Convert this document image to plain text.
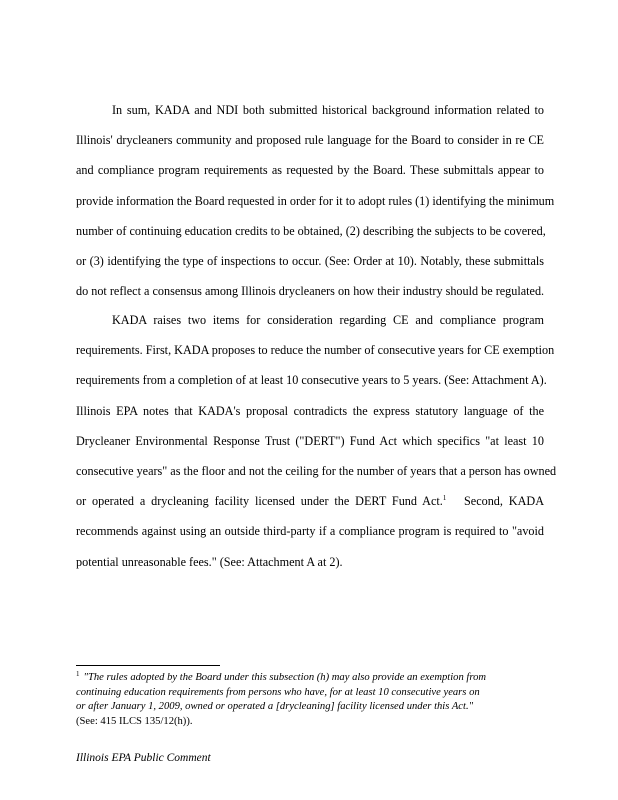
In sum, KADA and NDI both submitted historical background information related to
Illinois' drycleaners community and proposed rule language for the Board to consider in re CE
and compliance program requirements as requested by the Board. These submittals appear to
provide information the Board requested in order for it to adopt rules (1) identifying the minimum
number of continuing education credits to be obtained, (2) describing the subjects to be covered,
or (3) identifying the type of inspections to occur. (See: Order at 10). Notably, these submittals
do not reflect a consensus among Illinois drycleaners on how their industry should be regulated.
KADA raises two items for consideration regarding CE and compliance program
requirements. First, KADA proposes to reduce the number of consecutive years for CE exemption
requirements from a completion of at least 10 consecutive years to 5 years. (See: Attachment A).
Illinois EPA notes that KADA's proposal contradicts the express statutory language of the
Drycleaner Environmental Response Trust ("DERT") Fund Act which specifics "at least 10
consecutive years" as the floor and not the ceiling for the number of years that a person has owned
or operated a drycleaning facility licensed under the DERT Fund Act.$^1$ Second, KADA
recommends against using an outside third-party if a compliance program is required to "avoid
potential unreasonable fees." (See: Attachment A at 2).
$^1$ "The rules adopted by the Board under this subsection (h) may also provide an exemption from
continuing education requirements from persons who have, for at least 10 consecutive years on
or after January 1, 2009, owned or operated a [drycleaning] facility licensed under this Act."
(See: 415 ILCS 135/12(h)).

Illinois EPA Public Comment
